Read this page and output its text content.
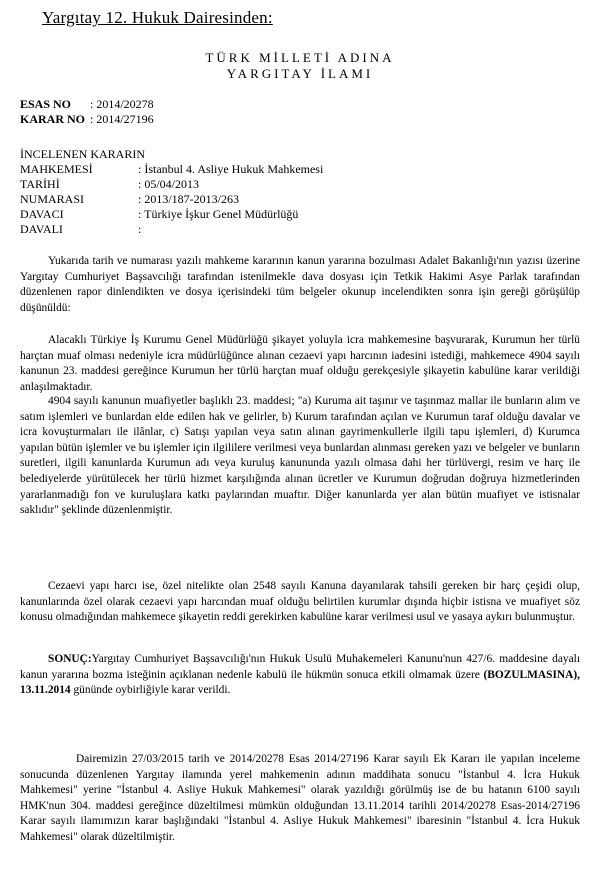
Yargıtay 12. Hukuk Dairesinden:
TÜRK MİLLETİ ADINA
YARGITAY İLAMI
ESAS NO : 2014/20278
KARAR NO : 2014/27196
İNCELENEN KARARIN
MAHKEMESİ	: İstanbul 4. Asliye Hukuk Mahkemesi
TARİHİ	: 05/04/2013
NUMARASI	: 2013/187-2013/263
DAVACI	: Türkiye İşkur Genel Müdürlüğü
DAVALI	:

Yukarıda tarih ve numarası yazılı mahkeme kararının kanun yararına bozulması Adalet Bakanlığı'nın yazısı üzerine Yargıtay Cumhuriyet Başsavcılığı tarafından istenilmekle dava dosyası için Tetkik Hakimi Asye Parlak tarafından düzenlenen rapor dinlendikten ve dosya içerisindeki tüm belgeler okunup incelendikten sonra işin gereği görüşülüp düşünüldü:

Alacaklı Türkiye İş Kurumu Genel Müdürlüğü şikayet yoluyla icra mahkemesine başvurarak, Kurumun her türlü harçtan muaf olması nedeniyle icra müdürlüğünce alınan cezaevi yapı harcının iadesini istediği, mahkemece 4904 sayılı kanunun 23. maddesi gereğince Kurumun her türlü harçtan muaf olduğu gerekçesiyle şikayetin kabulüne karar verildiği anlaşılmaktadır.

4904 sayılı kanunun muafiyetler başlıklı 23. maddesi; "a) Kuruma ait taşınır ve taşınmaz mallar ile bunların alım ve satım işlemleri ve bunlardan elde edilen hak ve gelirler, b) Kurum tarafından açılan ve Kurumun taraf olduğu davalar ve icra kovuşturmaları ile ilânlar, c) Satışı yapılan veya satın alınan gayrimenkullerle ilgili tapu işlemleri, d) Kurumca yapılan bütün işlemler ve bu işlemler için ilgililere verilmesi veya bunlardan alınması gereken yazı ve belgeler ve bunların suretleri, ilgili kanunlarda Kurumun adı veya kuruluş kanununda yazılı olmasa dahi her türlüvergi, resim ve harç ile belediyelerde yürütülecek her türlü hizmet karşılığında alınan ücretler ve Kurumun doğrudan doğruya hizmetlerinden yararlanmadığı fon ve kuruluşlara katkı paylarından muaftır. Diğer kanunlarda yer alan bütün muafiyet ve istisnalar saklıdır" şeklinde düzenlenmiştir.

Cezaevi yapı harcı ise, özel nitelikte olan 2548 sayılı Kanuna dayanılarak tahsili gereken bir harç çeşidi olup, kanunlarında özel olarak cezaevi yapı harcından muaf olduğu belirtilen kurumlar dışında hiçbir istisna ve muafiyet söz konusu olmadığından mahkemece şikayetin reddi gerekirken kabulüne karar verilmesi usul ve yasaya aykırı bulunmuştur.

SONUÇ:Yargıtay Cumhuriyet Başsavcılığı'nın Hukuk Usulü Muhakemeleri Kanunu'nun 427/6. maddesine dayalı kanun yararına bozma isteğinin açıklanan nedenle kabulü ile hükmün sonuca etkili olmamak üzere (BOZULMASINA), 13.11.2014 gününde oybirliğiyle karar verildi.

Dairemizin 27/03/2015 tarih ve 2014/20278 Esas 2014/27196 Karar sayılı Ek Kararı ile yapılan inceleme sonucunda düzenlenen Yargıtay ilamında yerel mahkemenin adının maddihata sonucu "İstanbul 4. İcra Hukuk Mahkemesi" yerine "İstanbul 4. Asliye Hukuk Mahkemesi" olarak yazıldığı görülmüş ise de bu hatanın 6100 sayılı HMK'nun 304. maddesi gereğince düzeltilmesi mümkün olduğundan 13.11.2014 tarihli 2014/20278 Esas-2014/27196 Karar sayılı ilamımızın karar başlığındaki "İstanbul 4. Asliye Hukuk Mahkemesi" ibaresinin "İstanbul 4. İcra Hukuk Mahkemesi" olarak düzeltilmiştir.
